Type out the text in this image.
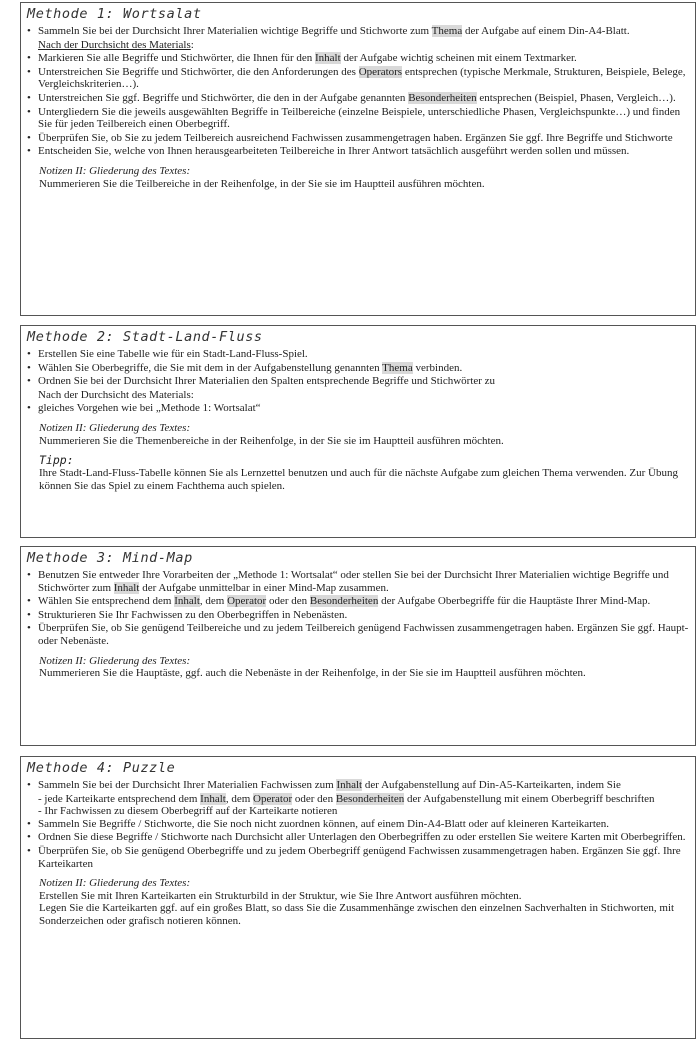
Methode 1: Wortsalat
• Sammeln Sie bei der Durchsicht Ihrer Materialien wichtige Begriffe und Stichworte zum Thema der Aufgabe auf einem Din-A4-Blatt.
Nach der Durchsicht des Materials:
• Markieren Sie alle Begriffe und Stichwörter, die Ihnen für den Inhalt der Aufgabe wichtig scheinen mit einem Textmarker.
• Unterstreichen Sie Begriffe und Stichwörter, die den Anforderungen des Operators entsprechen (typische Merkmale, Strukturen, Beispiele, Belege, Vergleichskriterien…).
• Unterstreichen Sie ggf. Begriffe und Stichwörter, die den in der Aufgabe genannten Besonderheiten entsprechen (Beispiel, Phasen, Vergleich…).
• Untergliedern Sie die jeweils ausgewählten Begriffe in Teilbereiche (einzelne Beispiele, unterschiedliche Phasen, Vergleichspunkte…) und finden Sie für jeden Teilbereich einen Oberbegriff.
• Überprüfen Sie, ob Sie zu jedem Teilbereich ausreichend Fachwissen zusammengetragen haben. Ergänzen Sie ggf. Ihre Begriffe und Stichworte
• Entscheiden Sie, welche von Ihnen herausgearbeiteten Teilbereiche in Ihrer Antwort tatsächlich ausgeführt werden sollen und müssen.
Notizen II: Gliederung des Textes:
Nummerieren Sie die Teilbereiche in der Reihenfolge, in der Sie sie im Hauptteil ausführen möchten.
Methode 2: Stadt-Land-Fluss
• Erstellen Sie eine Tabelle wie für ein Stadt-Land-Fluss-Spiel.
• Wählen Sie Oberbegriffe, die Sie mit dem in der Aufgabenstellung genannten Thema verbinden.
• Ordnen Sie bei der Durchsicht Ihrer Materialien den Spalten entsprechende Begriffe und Stichwörter zu
Nach der Durchsicht des Materials:
• gleiches Vorgehen wie bei „Methode 1: Wortsalat“
Notizen II: Gliederung des Textes:
Nummerieren Sie die Themenbereiche in der Reihenfolge, in der Sie sie im Hauptteil ausführen möchten.
Tipp:
Ihre Stadt-Land-Fluss-Tabelle können Sie als Lernzettel benutzen und auch für die nächste Aufgabe zum gleichen Thema verwenden. Zur Übung können Sie das Spiel zu einem Fachthema auch spielen.
Methode 3: Mind-Map
• Benutzen Sie entweder Ihre Vorarbeiten der „Methode 1: Wortsalat“ oder stellen Sie bei der Durchsicht Ihrer Materialien wichtige Begriffe und Stichwörter zum Inhalt der Aufgabe unmittelbar in einer Mind-Map zusammen.
• Wählen Sie entsprechend dem Inhalt, dem Operator oder den Besonderheiten der Aufgabe Oberbegriffe für die Hauptäste Ihrer Mind-Map.
• Strukturieren Sie Ihr Fachwissen zu den Oberbegriffen in Nebenästen.
• Überprüfen Sie, ob Sie genügend Teilbereiche und zu jedem Teilbereich genügend Fachwissen zusammengetragen haben. Ergänzen Sie ggf. Haupt- oder Nebenäste.
Notizen II: Gliederung des Textes:
Nummerieren Sie die Hauptäste, ggf. auch die Nebenäste in der Reihenfolge, in der Sie sie im Hauptteil ausführen möchten.
Methode 4: Puzzle
• Sammeln Sie bei der Durchsicht Ihrer Materialien Fachwissen zum Inhalt der Aufgabenstellung auf Din-A5-Karteikarten, indem Sie
- jede Karteikarte entsprechend dem Inhalt, dem Operator oder den Besonderheiten der Aufgabenstellung mit einem Oberbegriff beschriften
- Ihr Fachwissen zu diesem Oberbegriff auf der Karteikarte notieren
• Sammeln Sie Begriffe / Stichworte, die Sie noch nicht zuordnen können, auf einem Din-A4-Blatt oder auf kleineren Karteikarten.
• Ordnen Sie diese Begriffe / Stichworte nach Durchsicht aller Unterlagen den Oberbegriffen zu oder erstellen Sie weitere Karten mit Oberbegriffen.
• Überprüfen Sie, ob Sie genügend Oberbegriffe und zu jedem Oberbegriff genügend Fachwissen zusammengetragen haben. Ergänzen Sie ggf. Ihre Karteikarten
Notizen II: Gliederung des Textes:
Erstellen Sie mit Ihren Karteikarten ein Strukturbild in der Struktur, wie Sie Ihre Antwort ausführen möchten.
Legen Sie die Karteikarten ggf. auf ein großes Blatt, so dass Sie die Zusammenhänge zwischen den einzelnen Sachverhalten in Stichworten, mit Sonderzeichen oder grafisch notieren können.
